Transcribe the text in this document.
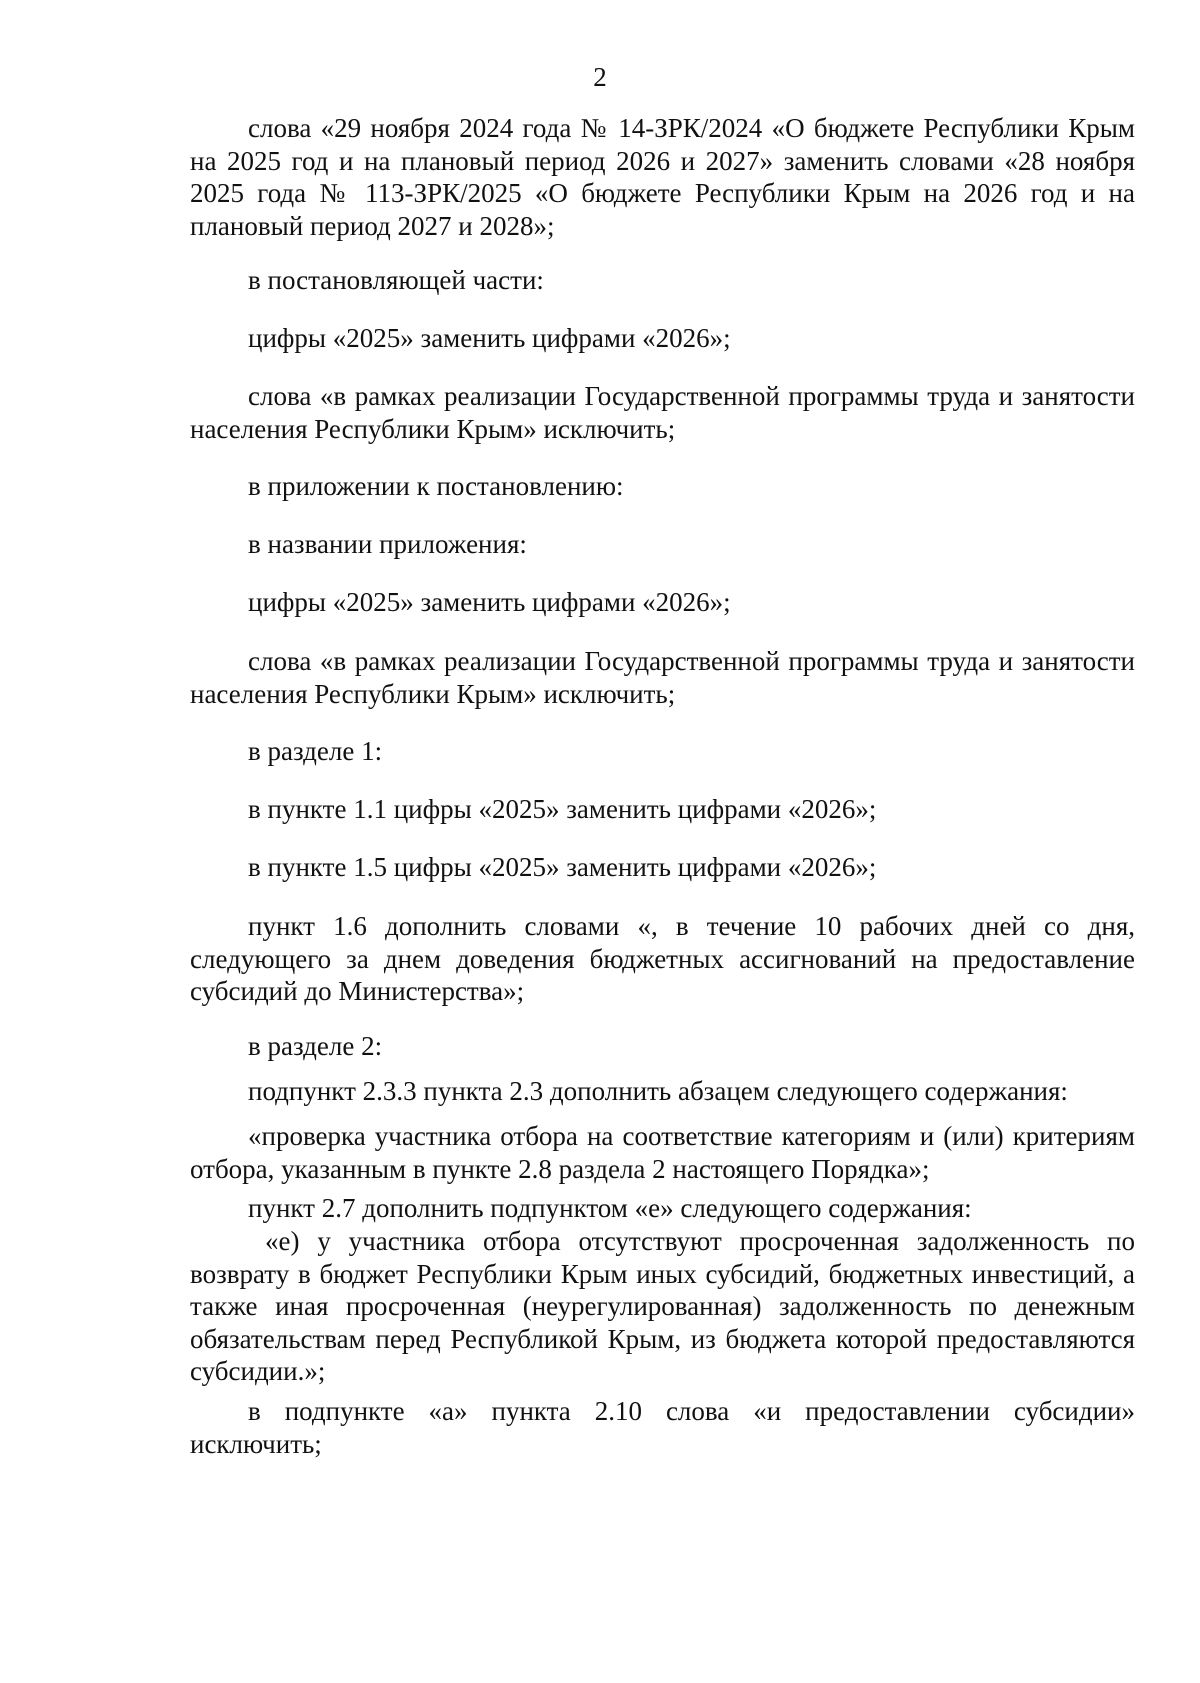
2
слова «29 ноября 2024 года № 14-ЗРК/2024 «О бюджете Республики Крым на 2025 год и на плановый период 2026 и 2027» заменить словами «28 ноября 2025 года № 113-ЗРК/2025 «О бюджете Республики Крым на 2026 год и на плановый период 2027 и 2028»;
в постановляющей части:
цифры «2025» заменить цифрами «2026»;
слова «в рамках реализации Государственной программы труда и занятости населения Республики Крым» исключить;
в приложении к постановлению:
в названии приложения:
цифры «2025» заменить цифрами «2026»;
слова «в рамках реализации Государственной программы труда и занятости населения Республики Крым» исключить;
в разделе 1:
в пункте 1.1 цифры «2025» заменить цифрами «2026»;
в пункте 1.5 цифры «2025» заменить цифрами «2026»;
пункт 1.6 дополнить словами «, в течение 10 рабочих дней со дня, следующего за днем доведения бюджетных ассигнований на предоставление субсидий до Министерства»;
в разделе 2:
подпункт 2.3.3 пункта 2.3 дополнить абзацем следующего содержания:
«проверка участника отбора на соответствие категориям и (или) критериям отбора, указанным в пункте 2.8 раздела 2 настоящего Порядка»;
пункт 2.7 дополнить подпунктом «е» следующего содержания:
«е) у участника отбора отсутствуют просроченная задолженность по возврату в бюджет Республики Крым иных субсидий, бюджетных инвестиций, а также иная просроченная (неурегулированная) задолженность по денежным обязательствам перед Республикой Крым, из бюджета которой предоставляются субсидии.»;
в подпункте «а» пункта 2.10 слова «и предоставлении субсидии» исключить;
